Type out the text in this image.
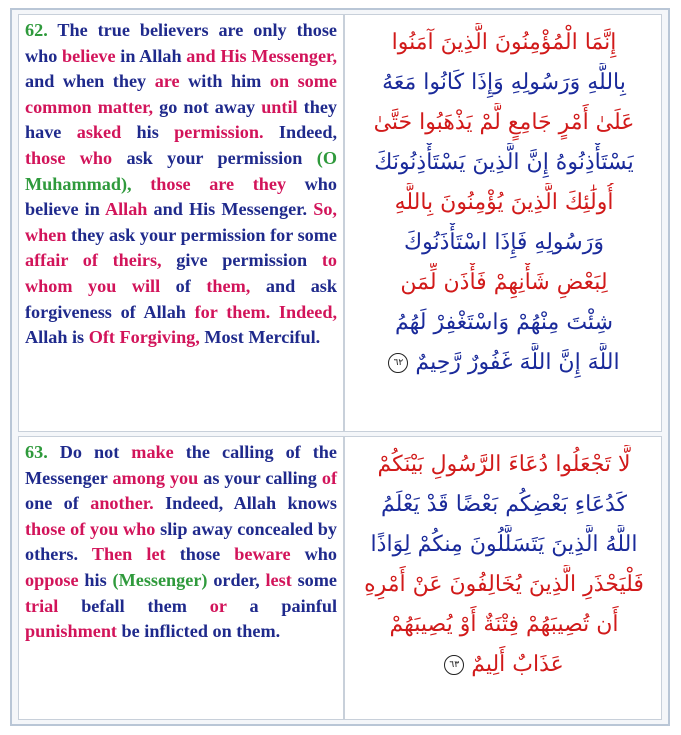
62. The true believers are only those who believe in Allah and His Messenger, and when they are with him on some common matter, go not away until they have asked his permission. Indeed, those who ask your permission (O Muhammad), those are they who believe in Allah and His Messenger. So, when they ask your permission for some affair of theirs, give permission to whom you will of them, and ask forgiveness of Allah for them. Indeed, Allah is Oft Forgiving, Most Merciful.
إِنَّمَا الْمُؤْمِنُونَ الَّذِينَ آمَنُوا
بِاللَّهِ وَرَسُولِهِ وَإِذَا كَانُوا مَعَهُ
عَلَىٰ أَمْرٍ جَامِعٍ لَّمْ يَذْهَبُوا حَتَّىٰ
يَسْتَأْذِنُوهُ إِنَّ الَّذِينَ يَسْتَأْذِنُونَكَ
أُولَٰئِكَ الَّذِينَ يُؤْمِنُونَ بِاللَّهِ
وَرَسُولِهِ فَإِذَا اسْتَأْذَنُوكَ
لِبَعْضِ شَأْنِهِمْ فَأْذَن لِّمَن
شِئْتَ مِنْهُمْ وَاسْتَغْفِرْ لَهُمُ
اللَّهَ إِنَّ اللَّهَ غَفُورٌ رَّحِيمٌ ٦٢
63. Do not make the calling of the Messenger among you as your calling of one of another. Indeed, Allah knows those of you who slip away concealed by others. Then let those beware who oppose his (Messenger) order, lest some trial befall them or a painful punishment be inflicted on them.
لَّا تَجْعَلُوا دُعَاءَ الرَّسُولِ بَيْنَكُمْ
كَدُعَاءِ بَعْضِكُم بَعْضًا قَدْ يَعْلَمُ
اللَّهُ الَّذِينَ يَتَسَلَّلُونَ مِنكُمْ لِوَاذًا
فَلْيَحْذَرِ الَّذِينَ يُخَالِفُونَ عَنْ أَمْرِهِ
أَن تُصِيبَهُمْ فِتْنَةٌ أَوْ يُصِيبَهُمْ
عَذَابٌ أَلِيمٌ ٦٣
